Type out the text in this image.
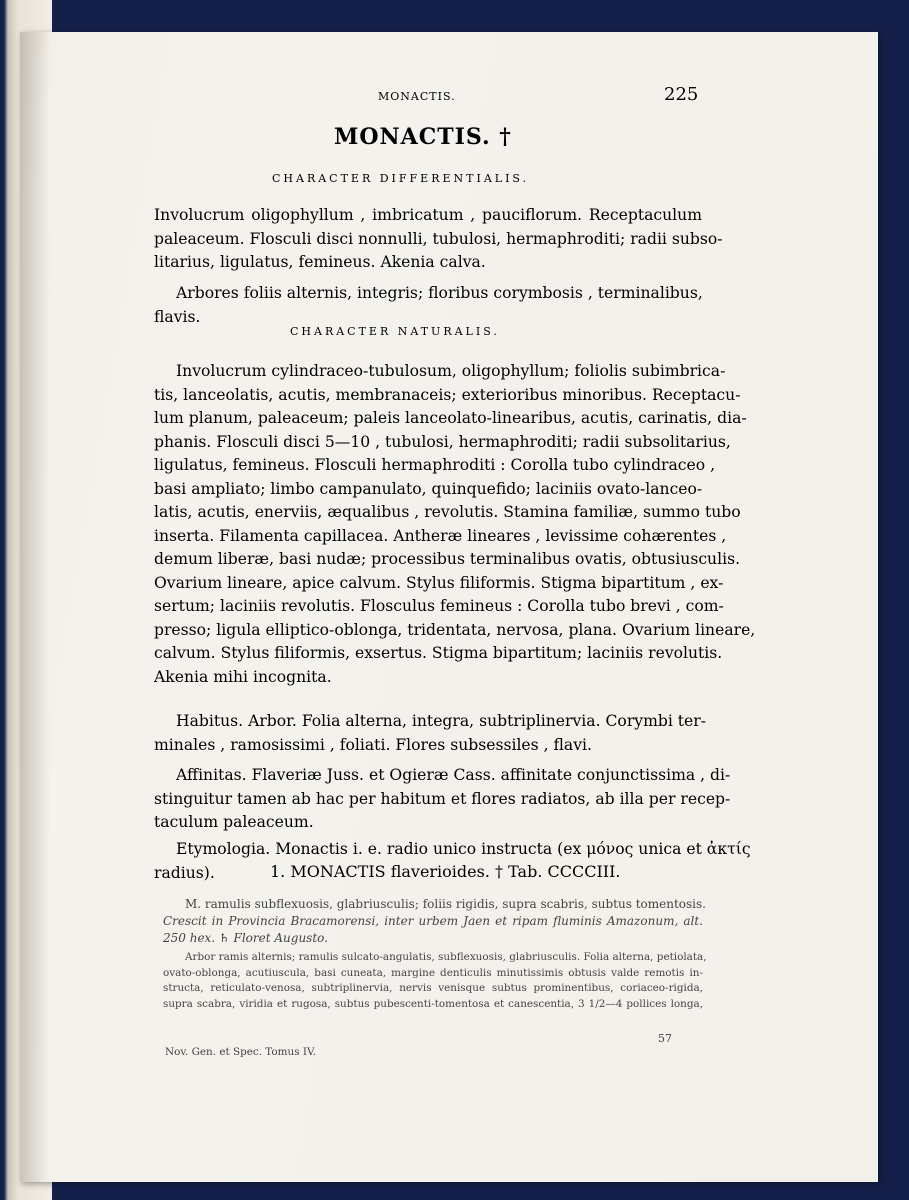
MONACTIS.	225
MONACTIS. †
CHARACTER DIFFERENTIALIS.
Involucrum oligophyllum , imbricatum , pauciflorum. Receptaculum
paleaceum. Flosculi disci nonnulli, tubulosi, hermaphroditi; radii subso-
litarius, ligulatus, femineus. Akenia calva.
Arbores foliis alternis, integris; floribus corymbosis , terminalibus,
flavis.
CHARACTER NATURALIS.
Involucrum cylindraceo-tubulosum, oligophyllum; foliolis subimbrica-
tis, lanceolatis, acutis, membranaceis; exterioribus minoribus. Receptacu-
lum planum, paleaceum; paleis lanceolato-linearibus, acutis, carinatis, dia-
phanis. Flosculi disci 5—10 , tubulosi, hermaphroditi; radii subsolitarius,
ligulatus, femineus. Flosculi hermaphroditi : Corolla tubo cylindraceo ,
basi ampliato; limbo campanulato, quinquefido; laciniis ovato-lanceo-
latis, acutis, enerviis, æqualibus , revolutis. Stamina familiæ, summo tubo
inserta. Filamenta capillacea. Antheræ lineares , levissime cohærentes ,
demum liberæ, basi nudæ; processibus terminalibus ovatis, obtusiusculis.
Ovarium lineare, apice calvum. Stylus filiformis. Stigma bipartitum , ex-
sertum; laciniis revolutis. Flosculus femineus : Corolla tubo brevi , com-
presso; ligula elliptico-oblonga, tridentata, nervosa, plana. Ovarium lineare,
calvum. Stylus filiformis, exsertus. Stigma bipartitum; laciniis revolutis.
Akenia mihi incognita.
Habitus. Arbor. Folia alterna, integra, subtriplinervia. Corymbi ter-
minales , ramosissimi , foliati. Flores subsessiles , flavi.
Affinitas. Flaveriæ Juss. et Ogieræ Cass. affinitate conjunctissima , di-
stinguitur tamen ab hac per habitum et flores radiatos, ab illa per recep-
taculum paleaceum.
Etymologia. Monactis i. e. radio unico instructa (ex μόνος unica et ἀκτίς
radius).	1. MONACTIS flaverioides. † Tab. CCCCIII.
M. ramulis subflexuosis, glabriusculis; foliis rigidis, supra scabris, subtus tomentosis.
Crescit in Provincia Bracamorensi, inter urbem Jaen et ripam fluminis Amazonum, alt.
250 hex. ♄ Floret Augusto.
Arbor ramis alternis; ramulis sulcato-angulatis, subflexuosis, glabriusculis. Folia alterna, petiolata,
ovato-oblonga, acutiuscula, basi cuneata, margine denticulis minutissimis obtusis valde remotis in-
structa, reticulato-venosa, subtriplinervia, nervis venisque subtus prominentibus, coriaceo-rigida,
supra scabra, viridia et rugosa, subtus pubescenti-tomentosa et canescentia, 3 1/2—4 pollices longa,
57
Nov. Gen. et Spec. Tomus IV.
